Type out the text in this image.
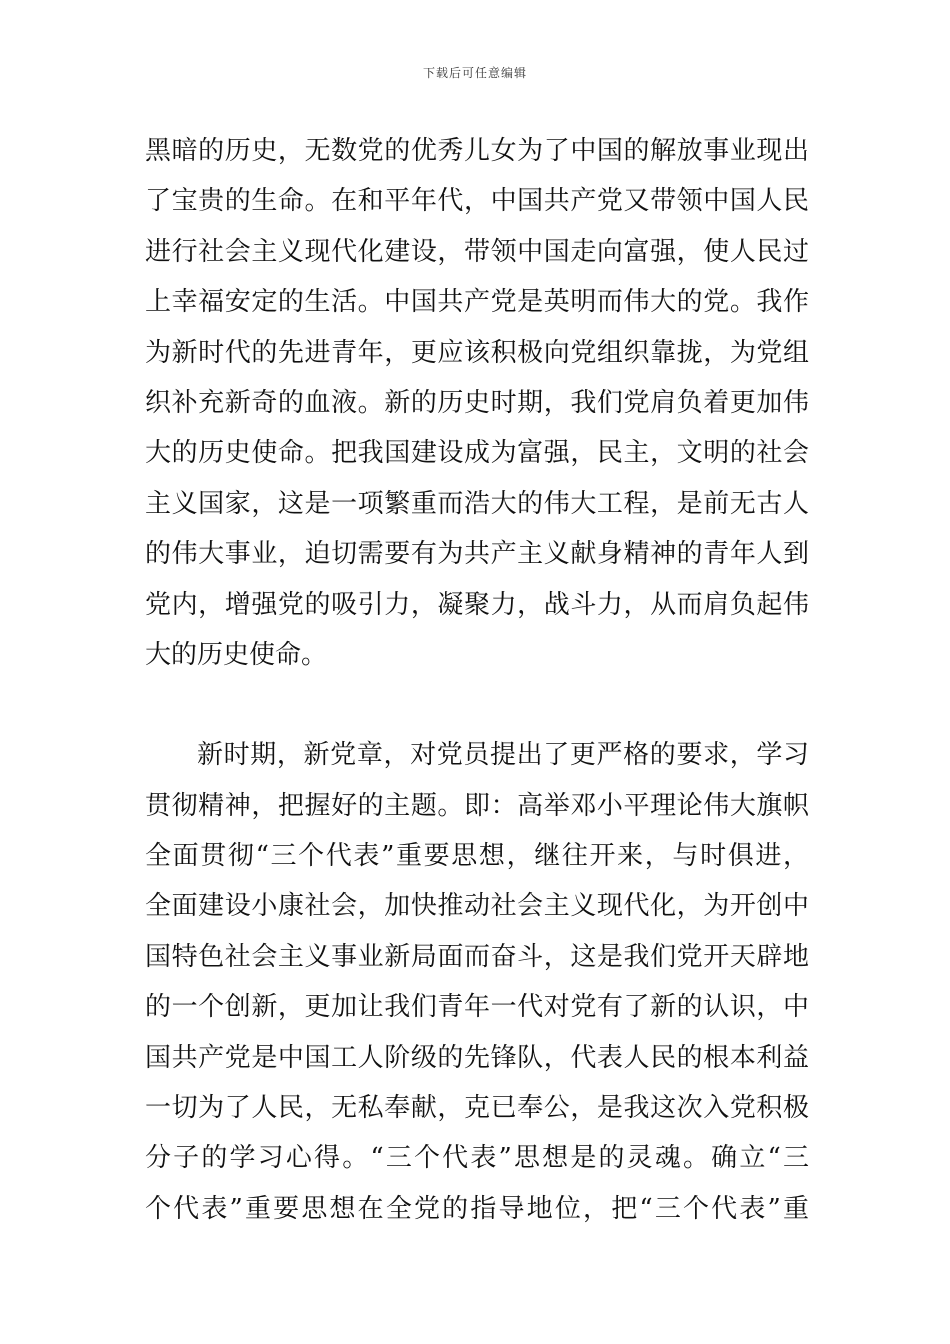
下载后可任意编辑
黑暗的历史，无数党的优秀儿女为了中国的解放事业现出
了宝贵的生命。在和平年代，中国共产党又带领中国人民
进行社会主义现代化建设，带领中国走向富强，使人民过
上幸福安定的生活。中国共产党是英明而伟大的党。我作
为新时代的先进青年，更应该积极向党组织靠拢，为党组
织补充新奇的血液。新的历史时期，我们党肩负着更加伟
大的历史使命。把我国建设成为富强，民主，文明的社会
主义国家，这是一项繁重而浩大的伟大工程，是前无古人
的伟大事业，迫切需要有为共产主义献身精神的青年人到
党内，增强党的吸引力，凝聚力，战斗力，从而肩负起伟
大的历史使命。
新时期，新党章，对党员提出了更严格的要求，学习
贯彻精神，把握好的主题。即：高举邓小平理论伟大旗帜
全面贯彻“三个代表”重要思想，继往开来，与时俱进，
全面建设小康社会，加快推动社会主义现代化，为开创中
国特色社会主义事业新局面而奋斗，这是我们党开天辟地
的一个创新，更加让我们青年一代对党有了新的认识，中
国共产党是中国工人阶级的先锋队，代表人民的根本利益
一切为了人民，无私奉献，克已奉公，是我这次入党积极
分子的学习心得。“三个代表”思想是的灵魂。确立“三
个代表”重要思想在全党的指导地位，把“三个代表”重
